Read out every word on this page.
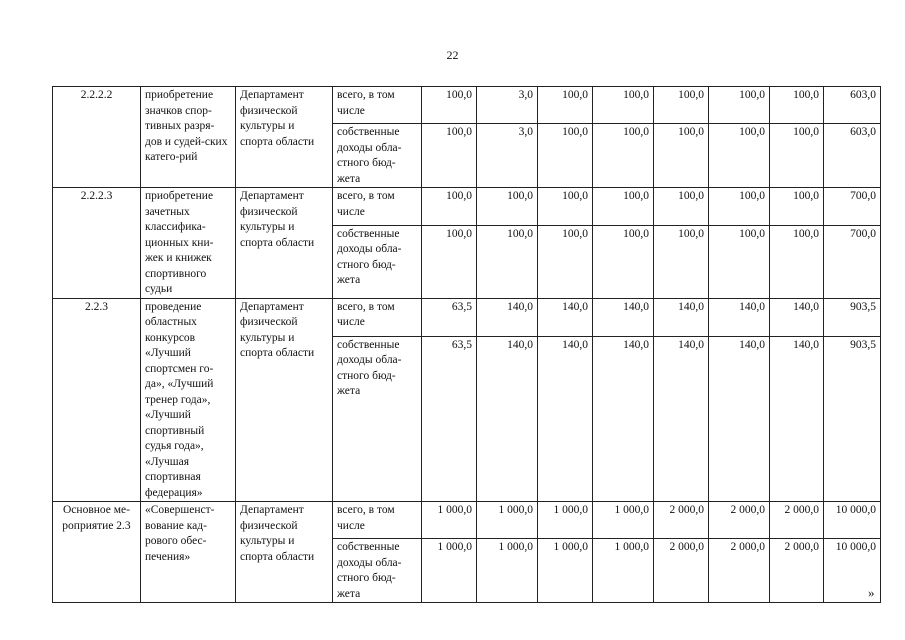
22
2.2.2.2	приобретение значков спор-тивных разря-дов и судей-ских катего-рий	Департамент физической культуры и спорта области	всего, в том числе	100,0	3,0	100,0	100,0	100,0	100,0	100,0	603,0
			собственные доходы обла-стного бюд-жета	100,0	3,0	100,0	100,0	100,0	100,0	100,0	603,0
2.2.2.3	приобретение зачетных классифика-ционных кни-жек и книжек спортивного судьи	Департамент физической культуры и спорта области	всего, в том числе	100,0	100,0	100,0	100,0	100,0	100,0	100,0	700,0
			собственные доходы обла-стного бюд-жета	100,0	100,0	100,0	100,0	100,0	100,0	100,0	700,0
2.2.3	проведение областных конкурсов «Лучший спортсмен го-да», «Лучший тренер года», «Лучший спортивный судья года», «Лучшая спортивная федерация»	Департамент физической культуры и спорта области	всего, в том числе	63,5	140,0	140,0	140,0	140,0	140,0	140,0	903,5
			собственные доходы обла-стного бюд-жета	63,5	140,0	140,0	140,0	140,0	140,0	140,0	903,5
Основное ме-роприятие 2.3	«Совершенст-вование кад-рового обес-печения»	Департамент физической культуры и спорта области	всего, в том числе	1 000,0	1 000,0	1 000,0	1 000,0	2 000,0	2 000,0	2 000,0	10 000,0
			собственные доходы обла-стного бюд-жета	1 000,0	1 000,0	1 000,0	1 000,0	2 000,0	2 000,0	2 000,0	10 000,0
»
